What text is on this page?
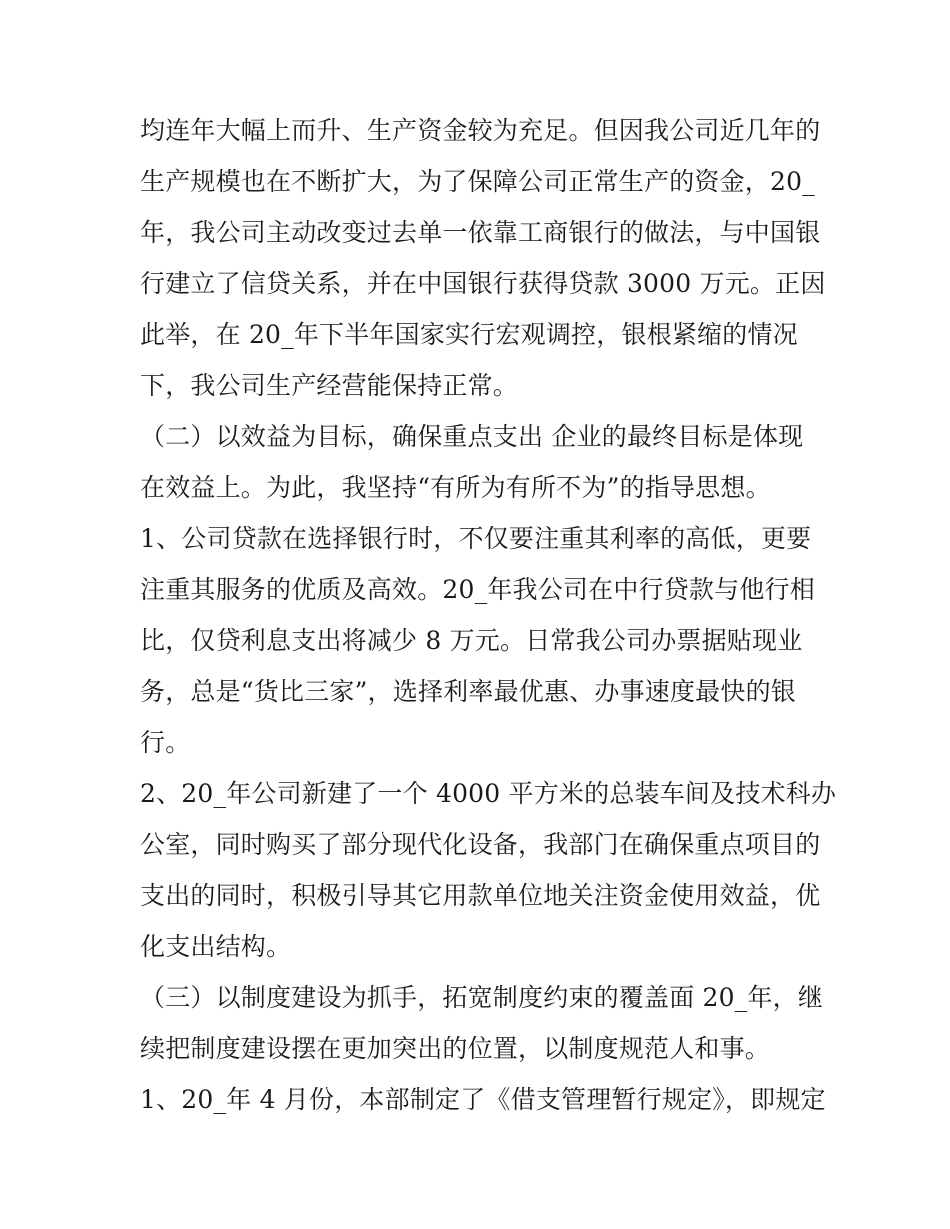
均连年大幅上而升、生产资金较为充足。但因我公司近几年的
生产规模也在不断扩大，为了保障公司正常生产的资金，20_
年，我公司主动改变过去单一依靠工商银行的做法，与中国银
行建立了信贷关系，并在中国银行获得贷款 3000 万元。正因
此举，在 20_年下半年国家实行宏观调控，银根紧缩的情况
下，我公司生产经营能保持正常。
（二）以效益为目标，确保重点支出 企业的最终目标是体现
在效益上。为此，我坚持“有所为有所不为”的指导思想。
1、公司贷款在选择银行时，不仅要注重其利率的高低，更要
注重其服务的优质及高效。20_年我公司在中行贷款与他行相
比，仅贷利息支出将减少 8 万元。日常我公司办票据贴现业
务，总是“货比三家”，选择利率最优惠、办事速度最快的银
行。
2、20_年公司新建了一个 4000 平方米的总装车间及技术科办
公室，同时购买了部分现代化设备，我部门在确保重点项目的
支出的同时，积极引导其它用款单位地关注资金使用效益，优
化支出结构。
（三）以制度建设为抓手，拓宽制度约束的覆盖面 20_年，继
续把制度建设摆在更加突出的位置，以制度规范人和事。
1、20_年 4 月份，本部制定了《借支管理暂行规定》，即规定
